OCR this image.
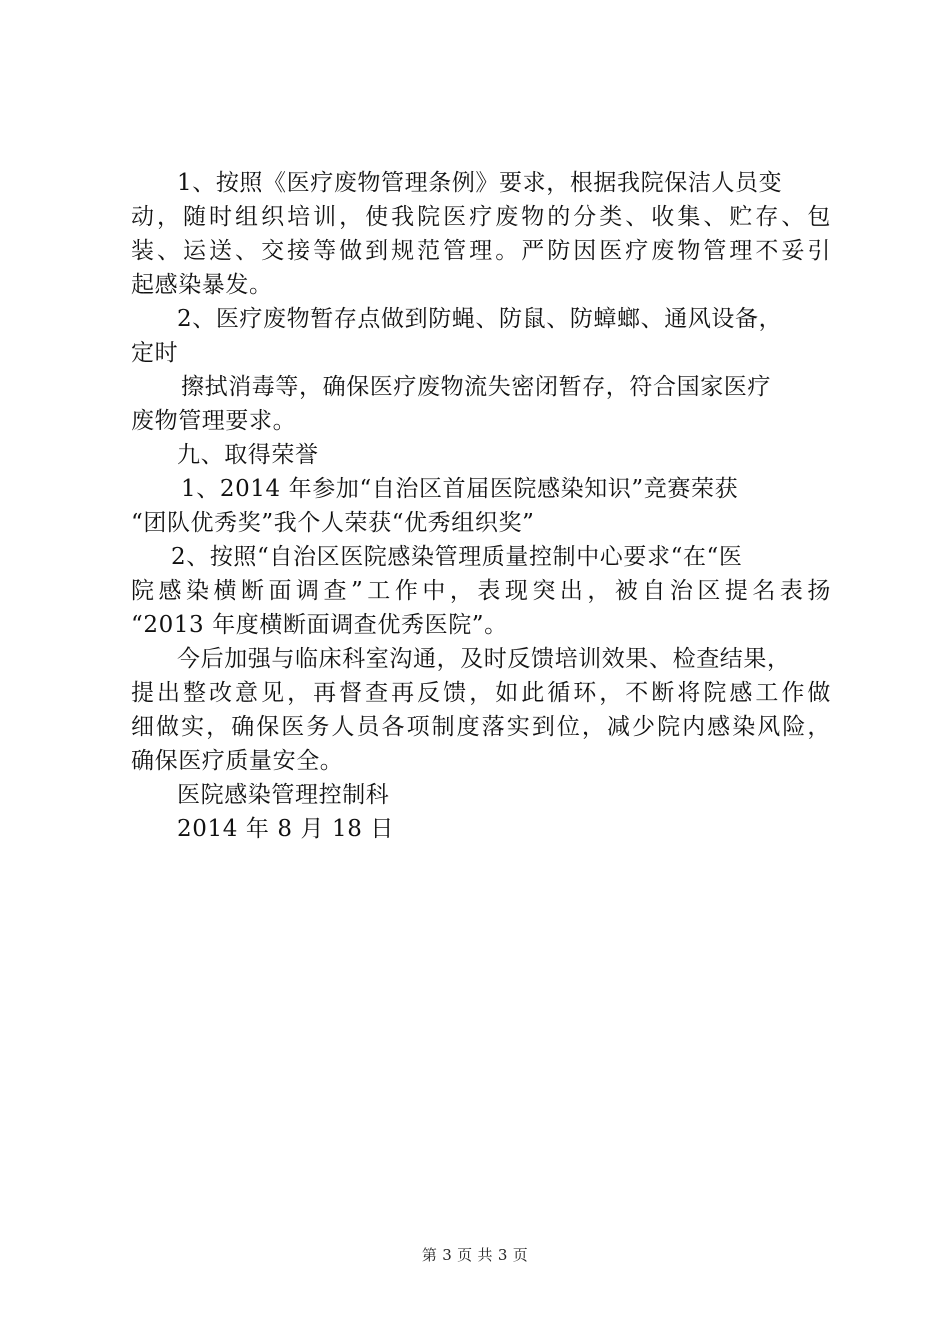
1、按照《医疗废物管理条例》要求，根据我院保洁人员变
动，随时组织培训，使我院医疗废物的分类、收集、贮存、包
装、运送、交接等做到规范管理。严防因医疗废物管理不妥引
起感染暴发。
2、医疗废物暂存点做到防蝇、防鼠、防蟑螂、通风设备，
定时
擦拭消毒等，确保医疗废物流失密闭暂存，符合国家医疗
废物管理要求。
九、取得荣誉
1、2014 年参加“自治区首届医院感染知识”竞赛荣获
“团队优秀奖”我个人荣获“优秀组织奖”
2、按照“自治区医院感染管理质量控制中心要求“在“医
院感染横断面调查”工作中，表现突出，被自治区提名表扬
“2013 年度横断面调查优秀医院”。
今后加强与临床科室沟通，及时反馈培训效果、检查结果，
提出整改意见，再督查再反馈，如此循环，不断将院感工作做
细做实，确保医务人员各项制度落实到位，减少院内感染风险，
确保医疗质量安全。
医院感染管理控制科
2014 年 8 月 18 日
第 3 页 共 3 页
